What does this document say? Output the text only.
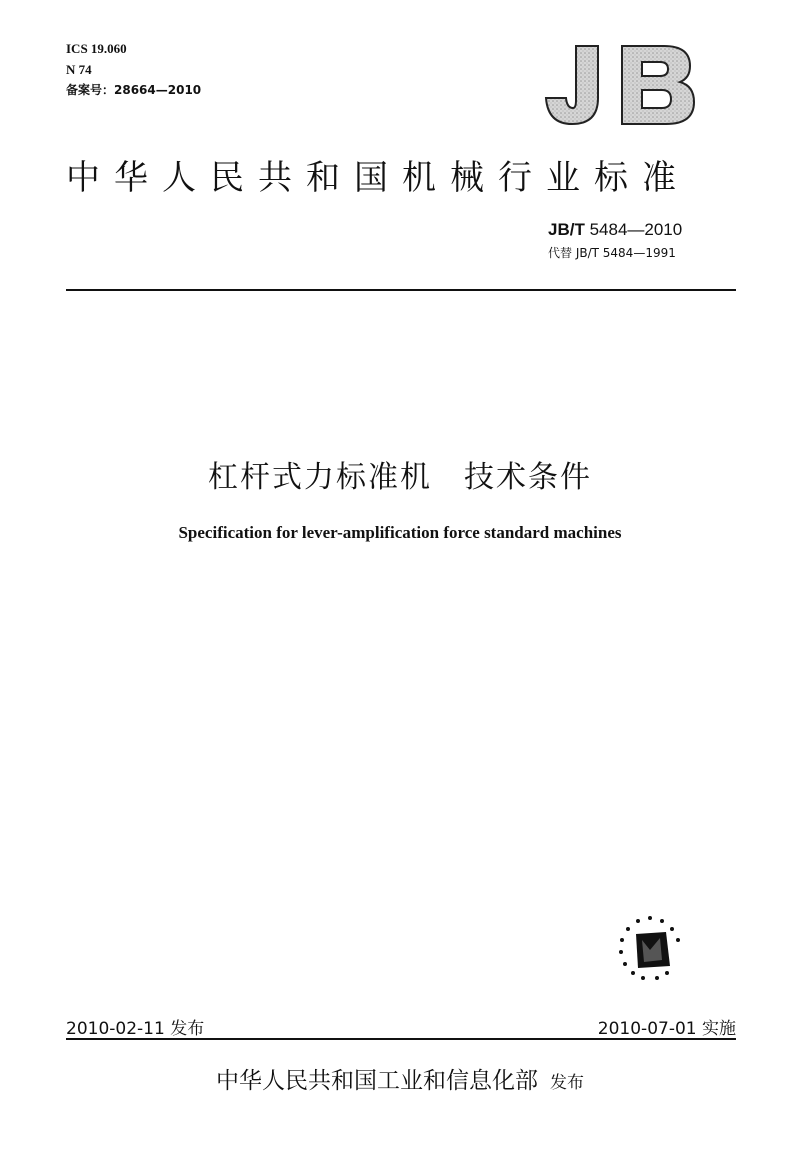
ICS 19.060
N 74
备案号：28664—2010
中华人民共和国机械行业标准
JB/T 5484—2010
代替 JB/T 5484—1991
杠杆式力标准机　技术条件
Specification for lever-amplification force standard machines
2010-02-11 发布	2010-07-01 实施
中华人民共和国工业和信息化部 发布
